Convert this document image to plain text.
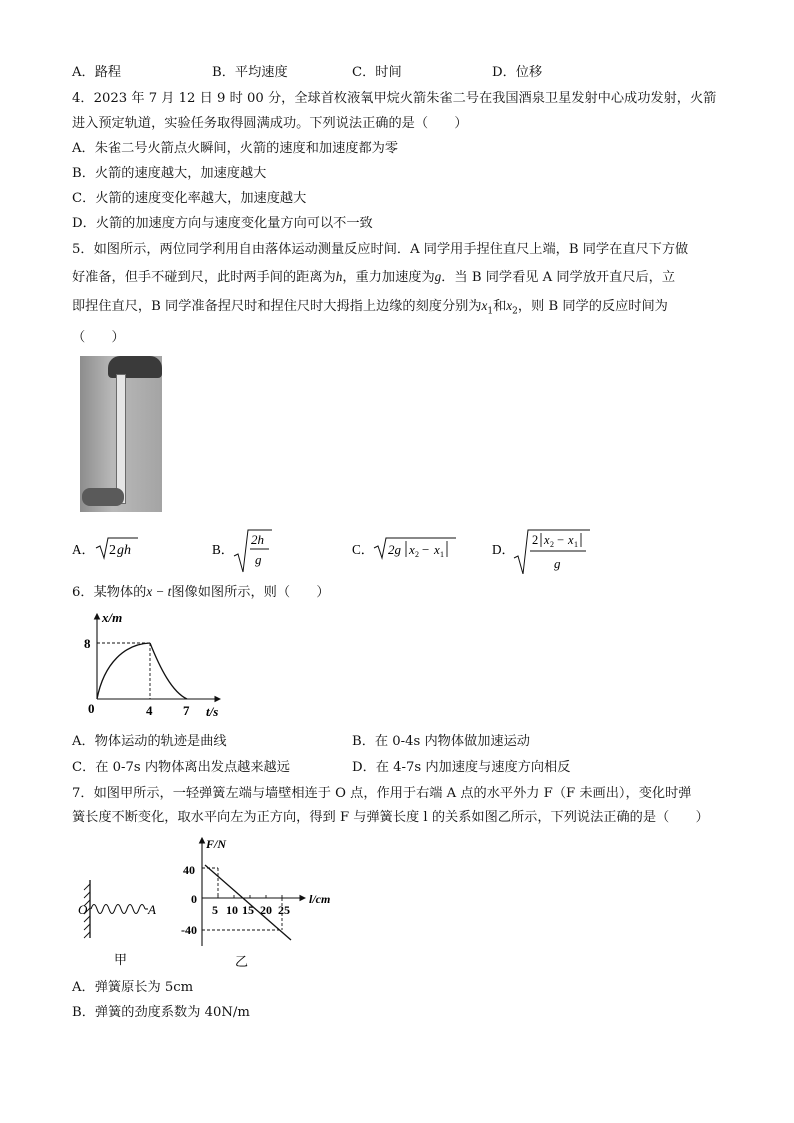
A．路程	B．平均速度	C．时间	D．位移
4．2023 年 7 月 12 日 9 时 00 分，全球首枚液氧甲烷火箭朱雀二号在我国酒泉卫星发射中心成功发射，火箭
进入预定轨道，实验任务取得圆满成功。下列说法正确的是（　　）
A．朱雀二号火箭点火瞬间，火箭的速度和加速度都为零
B．火箭的速度越大，加速度越大
C．火箭的速度变化率越大，加速度越大
D．火箭的加速度方向与速度变化量方向可以不一致
5．如图所示，两位同学利用自由落体运动测量反应时间．A 同学用手捏住直尺上端，B 同学在直尺下方做
好准备，但手不碰到尺，此时两手间的距离为h，重力加速度为g．当 B 同学看见 A 同学放开直尺后，立
即捏住直尺，B 同学准备捏尺时和捏住尺时大拇指上边缘的刻度分别为$x_1$和$x_2$，则 B 同学的反应时间为
（　　）
A． 2 gh	B．
2h
g
C． 2g x 2 − x 1	D．
2 x 2 − x 1
g
6．某物体的x − t图像如图所示，则（　　）
x/m
t/s
8
0	4 7
A．物体运动的轨迹是曲线	B．在 0-4s 内物体做加速运动
C．在 0-7s 内物体离出发点越来越远	D．在 4-7s 内加速度与速度方向相反
7．如图甲所示，一轻弹簧左端与墙壁相连于 O 点，作用于右端 A 点的水平外力 F（F 未画出），变化时弹
簧长度不断变化，取水平向左为正方向，得到 F 与弹簧长度 l 的关系如图乙所示，下列说法正确的是（　　）
O	A
甲
F/N
l/cm
40
0
-40
5 10 15 20 25
乙
A．弹簧原长为 5cm
B．弹簧的劲度系数为 40N/m
